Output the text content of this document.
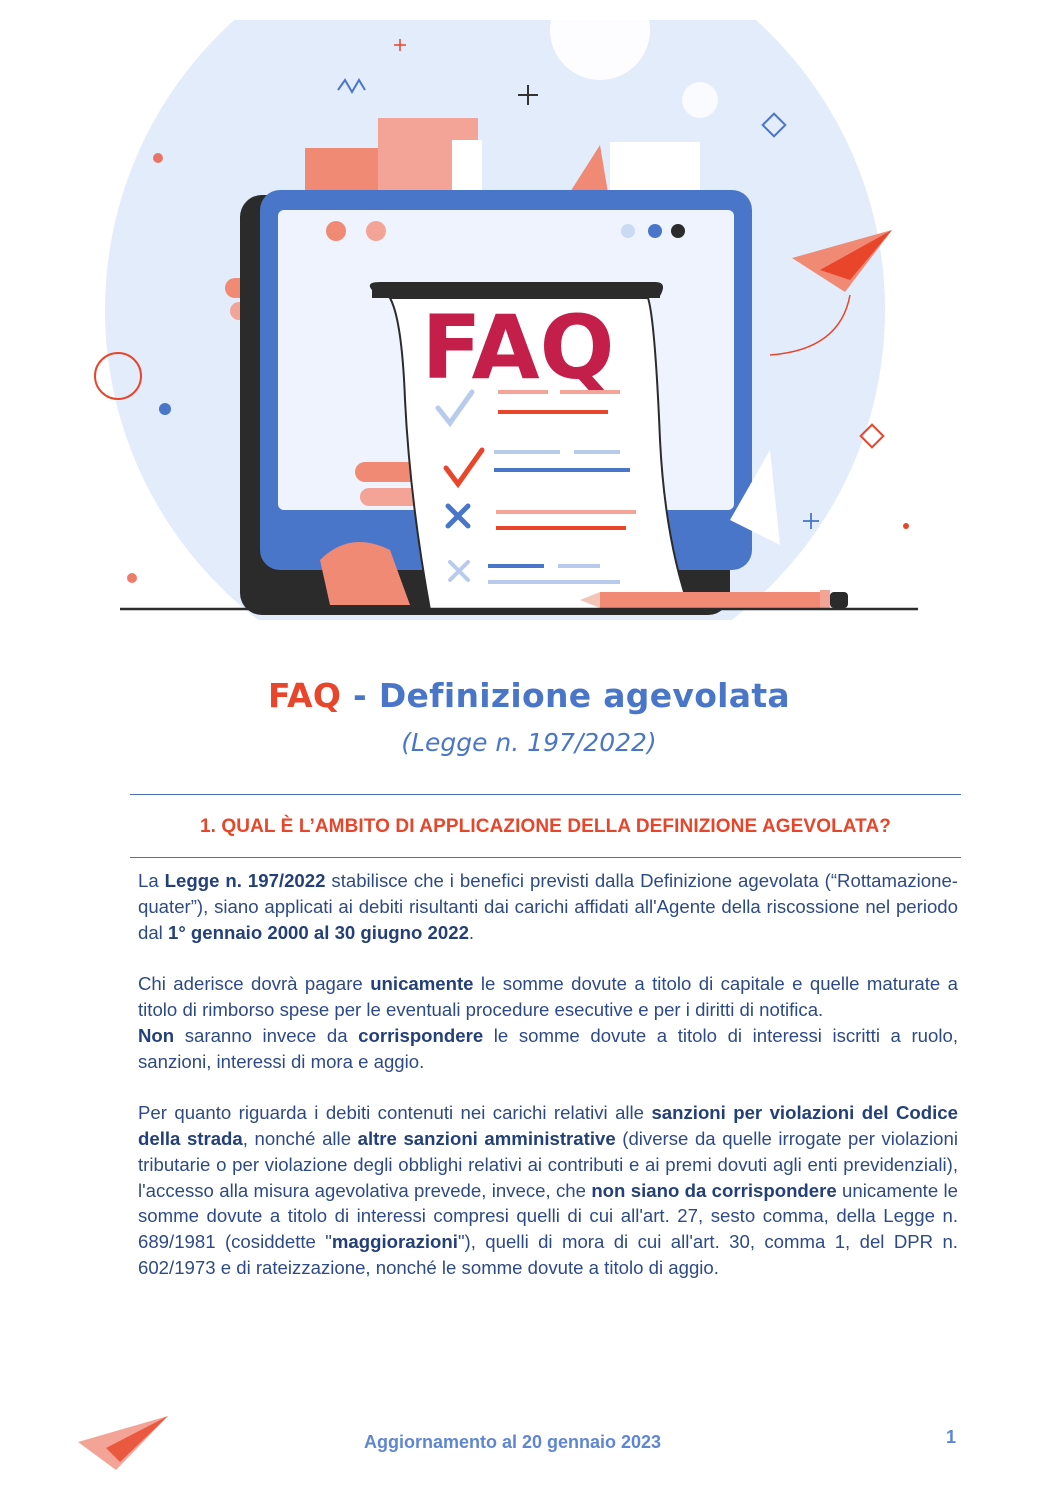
FAQ
FAQ - Definizione agevolata
(Legge n. 197/2022)
1. QUAL È L’AMBITO DI APPLICAZIONE DELLA DEFINIZIONE AGEVOLATA?

La Legge n. 197/2022 stabilisce che i benefici previsti dalla Definizione agevolata (“Rottamazione-quater”), siano applicati ai debiti risultanti dai carichi affidati all'Agente della riscossione nel periodo dal 1° gennaio 2000 al 30 giugno 2022.

Chi aderisce dovrà pagare unicamente le somme dovute a titolo di capitale e quelle maturate a titolo di rimborso spese per le eventuali procedure esecutive e per i diritti di notifica.

Non saranno invece da corrispondere le somme dovute a titolo di interessi iscritti a ruolo, sanzioni, interessi di mora e aggio.

Per quanto riguarda i debiti contenuti nei carichi relativi alle sanzioni per violazioni del Codice della strada, nonché alle altre sanzioni amministrative (diverse da quelle irrogate per violazioni tributarie o per violazione degli obblighi relativi ai contributi e ai premi dovuti agli enti previdenziali), l'accesso alla misura agevolativa prevede, invece, che non siano da corrispondere unicamente le somme dovute a titolo di interessi compresi quelli di cui all'art. 27, sesto comma, della Legge n. 689/1981 (cosiddette "maggiorazioni"), quelli di mora di cui all'art. 30, comma 1, del DPR n. 602/1973 e di rateizzazione, nonché le somme dovute a titolo di aggio.

Aggiornamento al 20 gennaio 2023	1
